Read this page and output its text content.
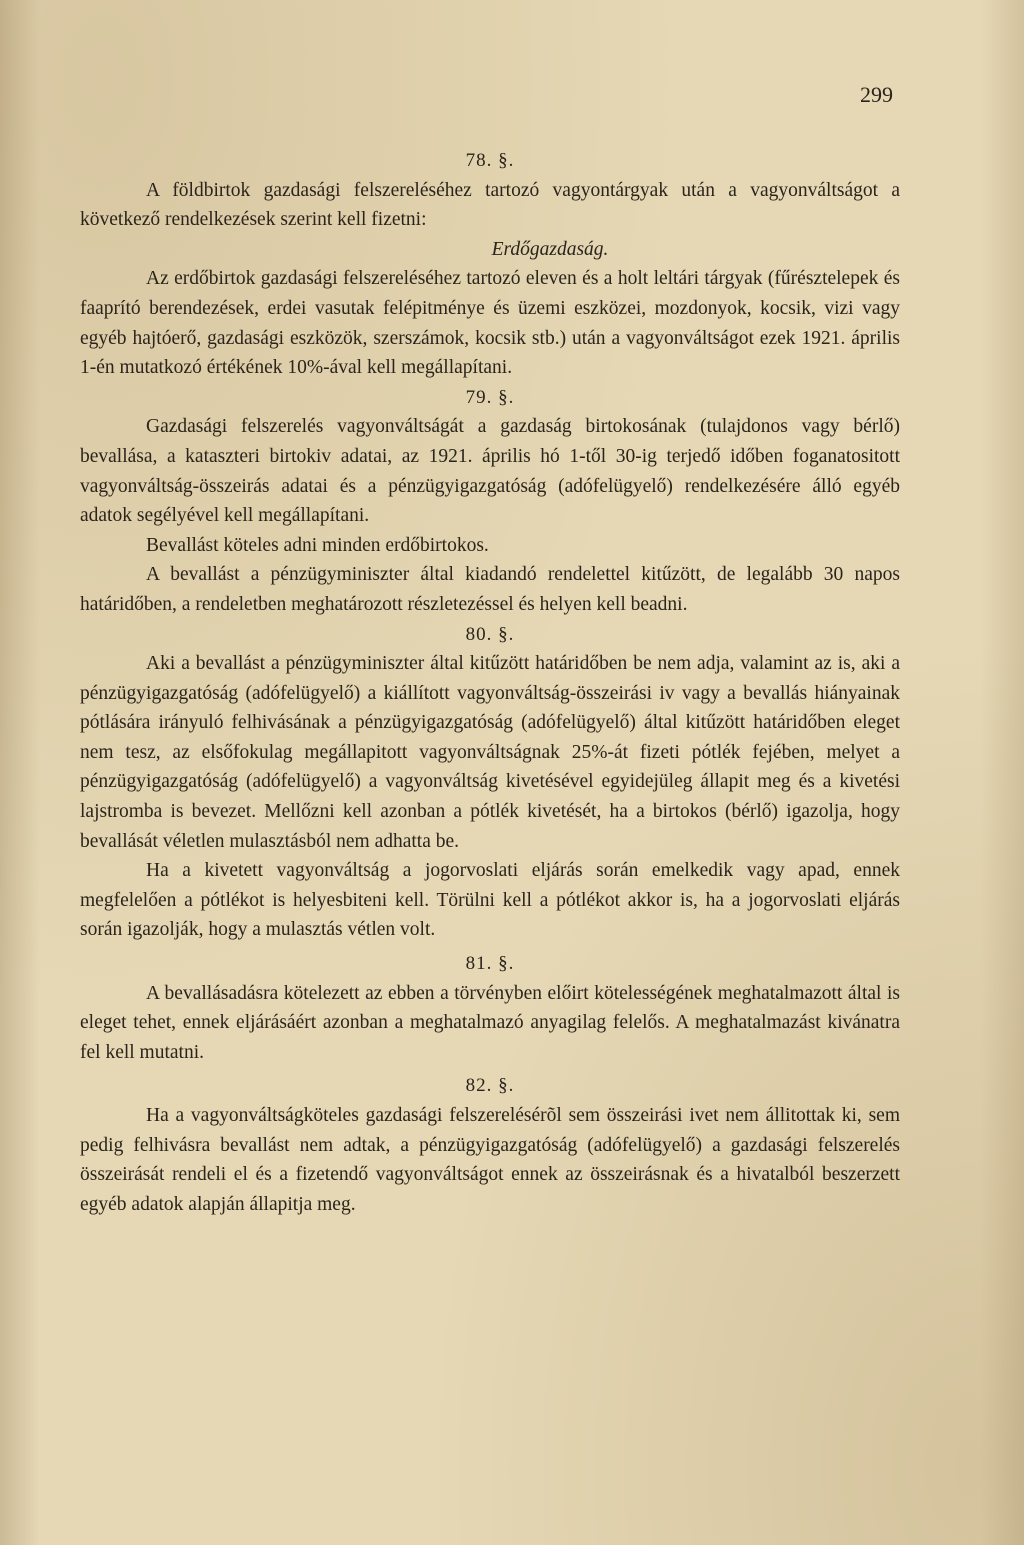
299
78. §.

A földbirtok gazdasági felszereléséhez tartozó vagyontárgyak után a vagyonváltságot a következő rendelkezések szerint kell fizetni:

Erdőgazdaság.

Az erdőbirtok gazdasági felszereléséhez tartozó eleven és a holt leltári tárgyak (fűrésztelepek és faaprító berendezések, erdei vasutak felépitménye és üzemi eszközei, mozdonyok, kocsik, vizi vagy egyéb hajtóerő, gazdasági eszközök, szerszámok, kocsik stb.) után a vagyonváltságot ezek 1921. április 1-én mutatkozó értékének 10%-ával kell megállapítani.

79. §.

Gazdasági felszerelés vagyonváltságát a gazdaság birtokosának (tulajdonos vagy bérlő) bevallása, a kataszteri birtokiv adatai, az 1921. április hó 1-től 30-ig terjedő időben foganatositott vagyonváltság-összeirás adatai és a pénzügyigazgatóság (adófelügyelő) rendelkezésére álló egyéb adatok segélyével kell megállapítani.

Bevallást köteles adni minden erdőbirtokos.

A bevallást a pénzügyminiszter által kiadandó rendelettel kitűzött, de legalább 30 napos határidőben, a rendeletben meghatározott részletezéssel és helyen kell beadni.

80. §.

Aki a bevallást a pénzügyminiszter által kitűzött határidőben be nem adja, valamint az is, aki a pénzügyigazgatóság (adófelügyelő) a kiállított vagyonváltság-összeirási iv vagy a bevallás hiányainak pótlására irányuló felhivásának a pénzügyigazgatóság (adófelügyelő) által kitűzött határidőben eleget nem tesz, az elsőfokulag megállapitott vagyonváltságnak 25%-át fizeti pótlék fejében, melyet a pénzügyigazgatóság (adófelügyelő) a vagyonváltság kivetésével egyidejüleg állapit meg és a kivetési lajstromba is bevezet. Mellőzni kell azonban a pótlék kivetését, ha a birtokos (bérlő) igazolja, hogy bevallását véletlen mulasztásból nem adhatta be.

Ha a kivetett vagyonváltság a jogorvoslati eljárás során emelkedik vagy apad, ennek megfelelően a pótlékot is helyesbiteni kell. Törülni kell a pótlékot akkor is, ha a jogorvoslati eljárás során igazolják, hogy a mulasztás vétlen volt.

81. §.

A bevallásadásra kötelezett az ebben a törvényben előirt kötelességének meghatalmazott által is eleget tehet, ennek eljárásáért azonban a meghatalmazó anyagilag felelős. A meghatalmazást kivánatra fel kell mutatni.

82. §.

Ha a vagyonváltságköteles gazdasági felszerelésérõl sem összeirási ivet nem állitottak ki, sem pedig felhivásra bevallást nem adtak, a pénzügyigazgatóság (adófelügyelő) a gazdasági felszerelés összeirását rendeli el és a fizetendő vagyonváltságot ennek az összeirásnak és a hivatalból beszerzett egyéb adatok alapján állapitja meg.
